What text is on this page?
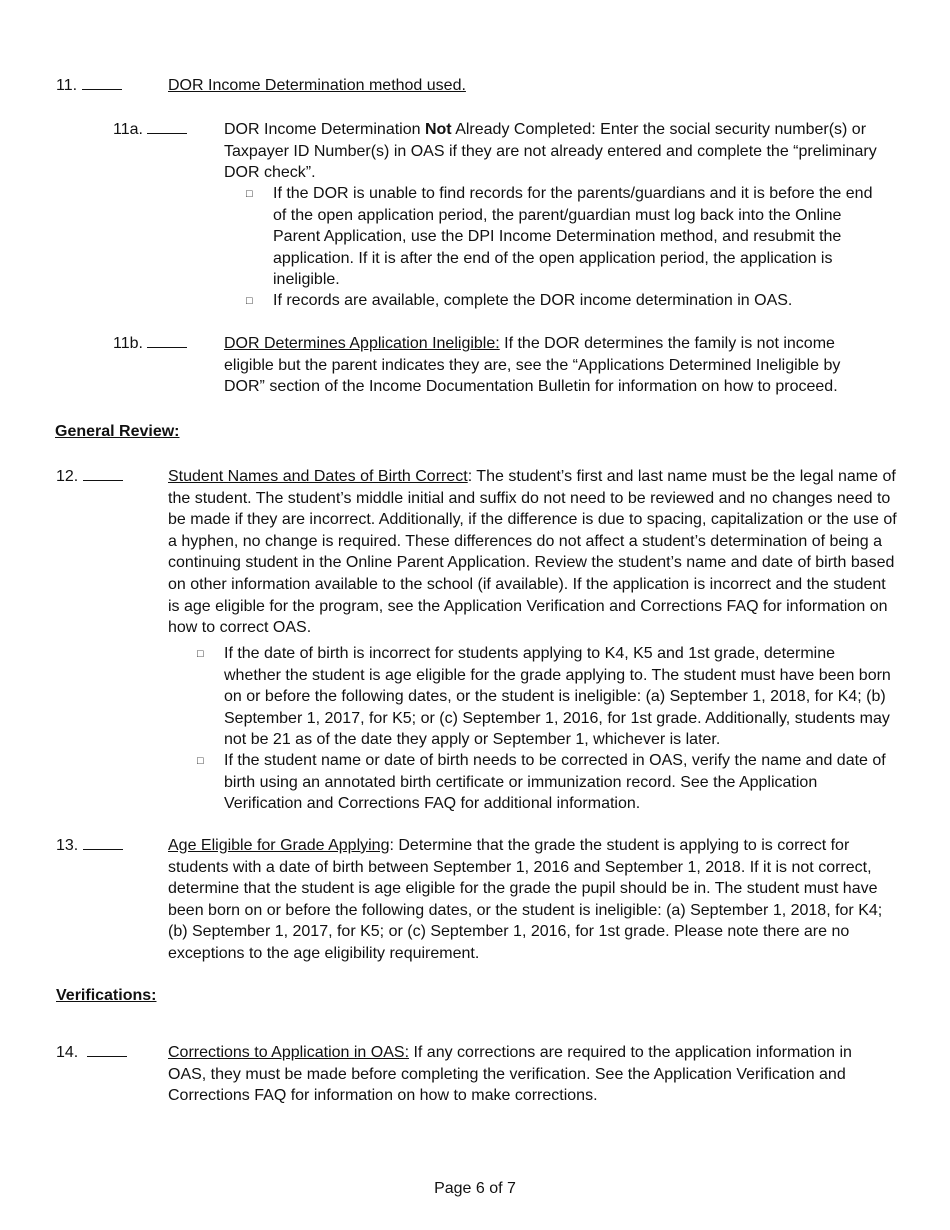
11.	DOR Income Determination method used.
11a.	DOR Income Determination Not Already Completed: Enter the social security number(s) or Taxpayer ID Number(s) in OAS if they are not already entered and complete the “preliminary DOR check”.

□ If the DOR is unable to find records for the parents/guardians and it is before the end of the open application period, the parent/guardian must log back into the Online Parent Application, use the DPI Income Determination method, and resubmit the application. If it is after the end of the open application period, the application is ineligible.

□ If records are available, complete the DOR income determination in OAS.

11b.	DOR Determines Application Ineligible: If the DOR determines the family is not income eligible but the parent indicates they are, see the “Applications Determined Ineligible by DOR” section of the Income Documentation Bulletin for information on how to proceed.

General Review:
12.	Student Names and Dates of Birth Correct: The student’s first and last name must be the legal name of the student. The student’s middle initial and suffix do not need to be reviewed and no changes need to be made if they are incorrect. Additionally, if the difference is due to spacing, capitalization or the use of a hyphen, no change is required. These differences do not affect a student’s determination of being a continuing student in the Online Parent Application. Review the student’s name and date of birth based on other information available to the school (if available). If the application is incorrect and the student is age eligible for the program, see the Application Verification and Corrections FAQ for information on how to correct OAS.

□ If the date of birth is incorrect for students applying to K4, K5 and 1st grade, determine whether the student is age eligible for the grade applying to. The student must have been born on or before the following dates, or the student is ineligible: (a) September 1, 2018, for K4; (b) September 1, 2017, for K5; or (c) September 1, 2016, for 1st grade. Additionally, students may not be 21 as of the date they apply or September 1, whichever is later.

□ If the student name or date of birth needs to be corrected in OAS, verify the name and date of birth using an annotated birth certificate or immunization record. See the Application Verification and Corrections FAQ for additional information.

13.	Age Eligible for Grade Applying: Determine that the grade the student is applying to is correct for students with a date of birth between September 1, 2016 and September 1, 2018. If it is not correct, determine that the student is age eligible for the grade the pupil should be in. The student must have been born on or before the following dates, or the student is ineligible: (a) September 1, 2018, for K4; (b) September 1, 2017, for K5; or (c) September 1, 2016, for 1st grade. Please note there are no exceptions to the age eligibility requirement.

Verifications:
14.	Corrections to Application in OAS: If any corrections are required to the application information in OAS, they must be made before completing the verification. See the Application Verification and Corrections FAQ for information on how to make corrections.

Page 6 of 7
